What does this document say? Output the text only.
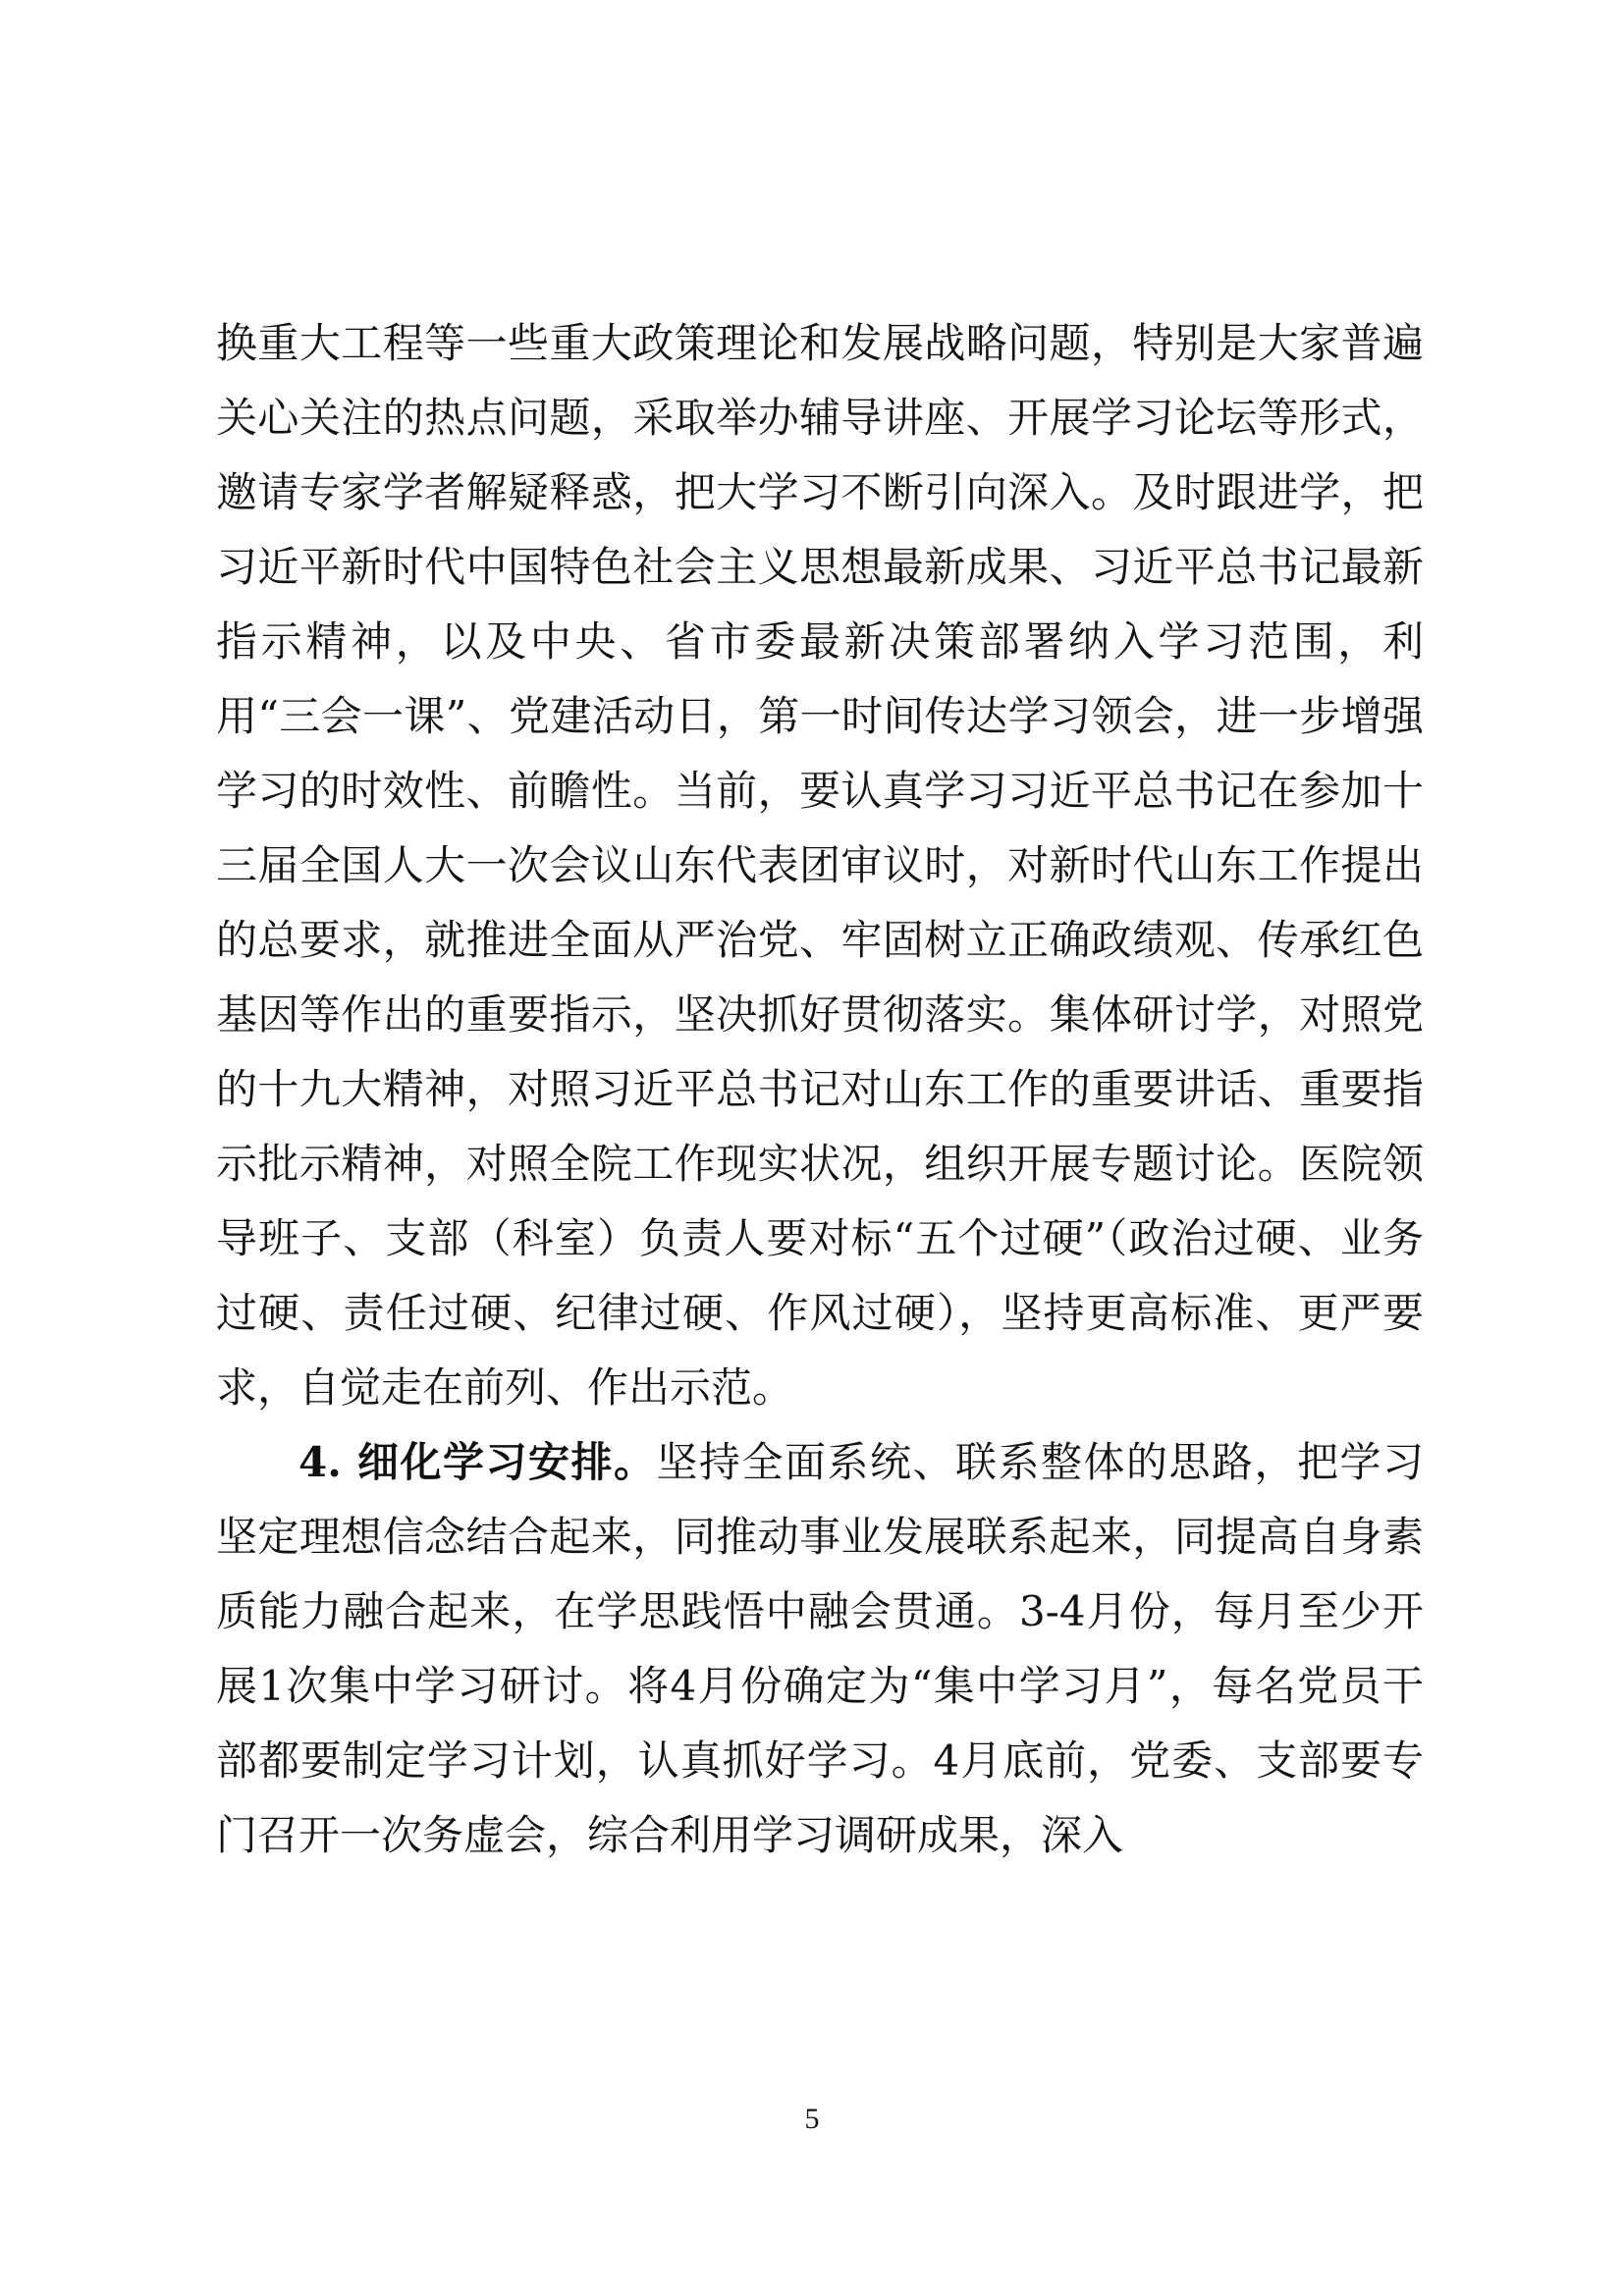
换重大工程等一些重大政策理论和发展战略问题，特别是大家普遍关心关注的热点问题，采取举办辅导讲座、开展学习论坛等形式，邀请专家学者解疑释惑，把大学习不断引向深入。及时跟进学，把习近平新时代中国特色社会主义思想最新成果、习近平总书记最新指示精神，以及中央、省市委最新决策部署纳入学习范围，利用“三会一课”、党建活动日，第一时间传达学习领会，进一步增强学习的时效性、前瞻性。当前，要认真学习习近平总书记在参加十三届全国人大一次会议山东代表团审议时，对新时代山东工作提出的总要求，就推进全面从严治党、牢固树立正确政绩观、传承红色基因等作出的重要指示，坚决抓好贯彻落实。集体研讨学，对照党的十九大精神，对照习近平总书记对山东工作的重要讲话、重要指示批示精神，对照全院工作现实状况，组织开展专题讨论。医院领导班子、支部（科室）负责人要对标“五个过硬”（政治过硬、业务过硬、责任过硬、纪律过硬、作风过硬），坚持更高标准、更严要求，自觉走在前列、作出示范。

4. 细化学习安排。坚持全面系统、联系整体的思路，把学习坚定理想信念结合起来，同推动事业发展联系起来，同提高自身素质能力融合起来，在学思践悟中融会贯通。3-4月份，每月至少开展1次集中学习研讨。将4月份确定为“集中学习月”，每名党员干部都要制定学习计划，认真抓好学习。4月底前，党委、支部要专门召开一次务虚会，综合利用学习调研成果，深入

5
